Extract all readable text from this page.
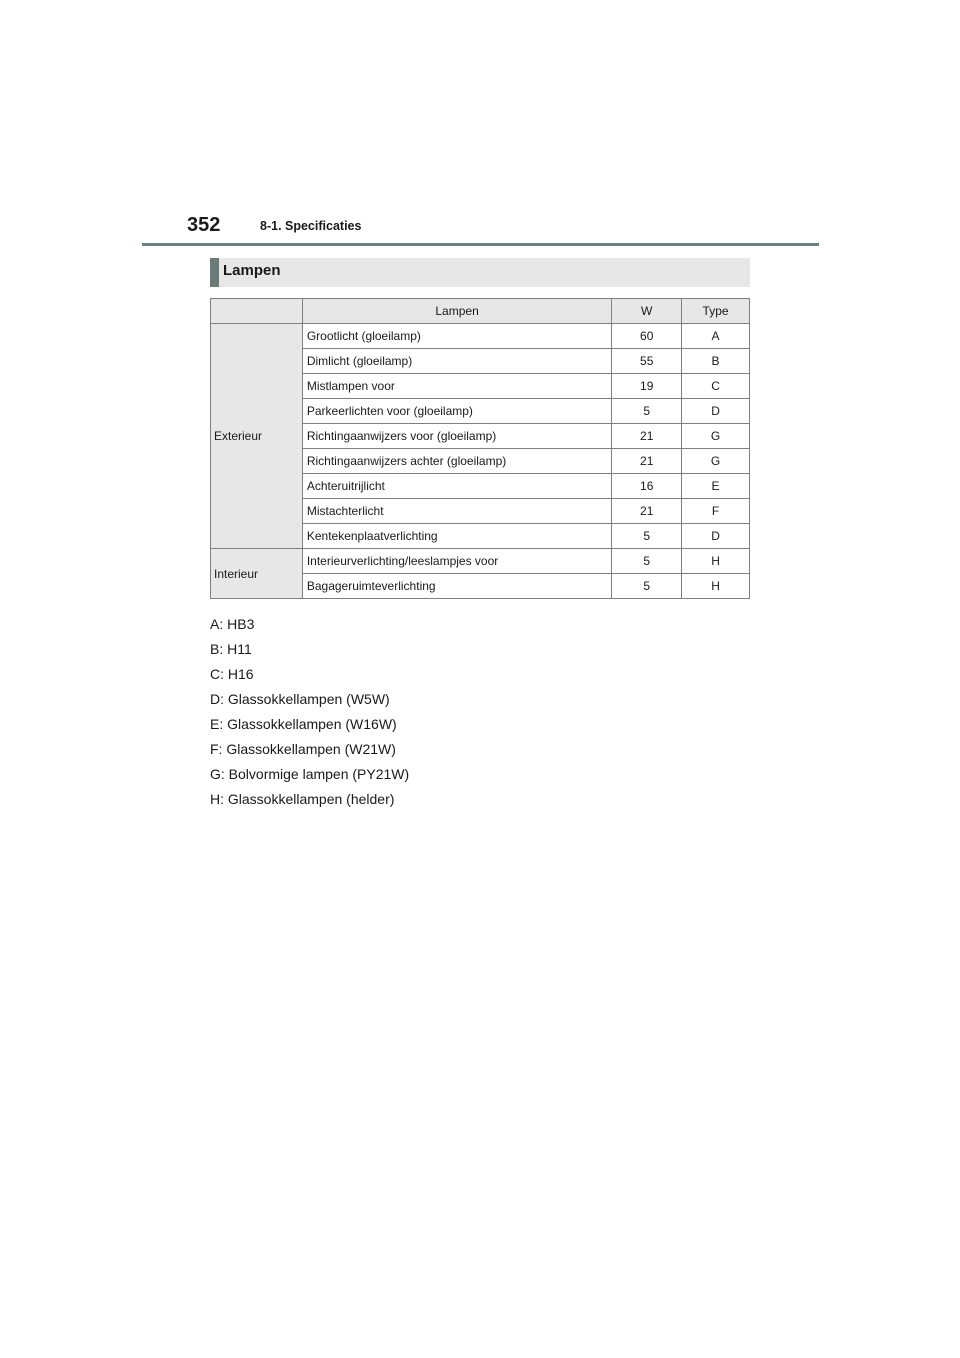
352	8-1. Specificaties
Lampen
	Lampen	W	Type
Exterieur	Grootlicht (gloeilamp)	60	A
	Dimlicht (gloeilamp)	55	B
	Mistlampen voor	19	C
	Parkeerlichten voor (gloeilamp)	5	D
	Richtingaanwijzers voor (gloeilamp)	21	G
	Richtingaanwijzers achter (gloeilamp)	21	G
	Achteruitrijlicht	16	E
	Mistachterlicht	21	F
	Kentekenplaatverlichting	5	D
Interieur	Interieurverlichting/leeslampjes voor	5	H
	Bagageruimteverlichting	5	H
A: HB3
B: H11
C: H16
D: Glassokkellampen (W5W)
E: Glassokkellampen (W16W)
F: Glassokkellampen (W21W)
G: Bolvormige lampen (PY21W)
H: Glassokkellampen (helder)
